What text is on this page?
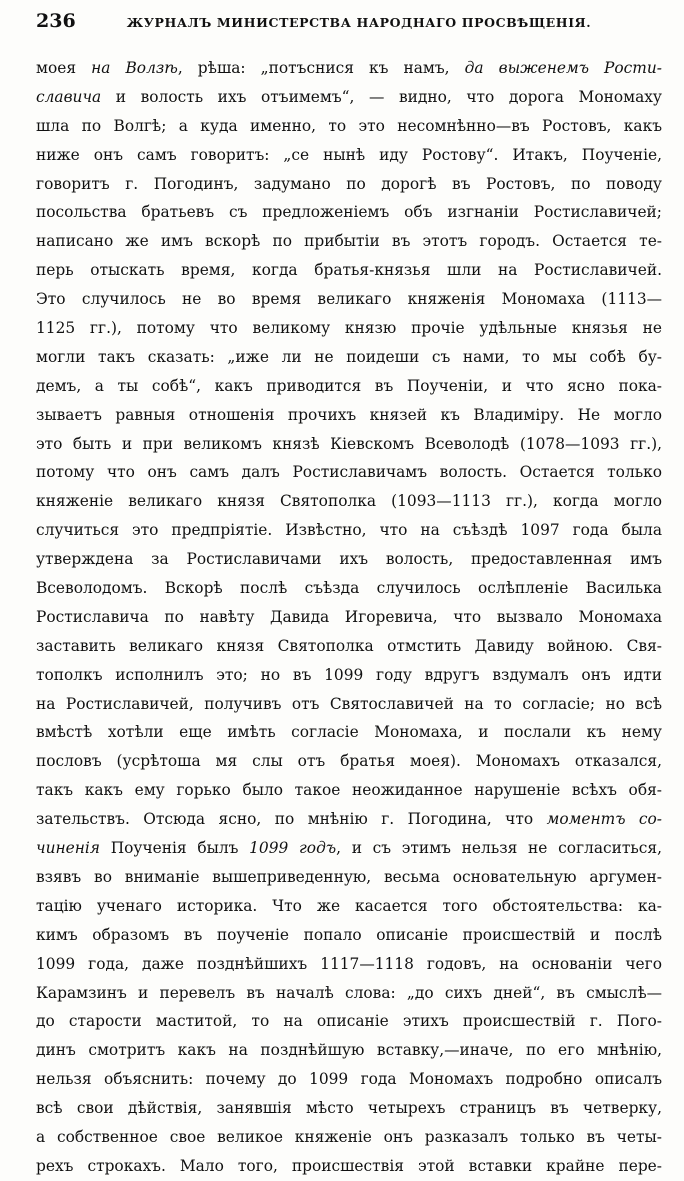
236	ЖУРНАЛЪ МИНИСТЕРСТВА НАРОДНАГО ПРОСВѢЩЕНІЯ.
моея на Волзѣ, рѣша: „потъснися къ намъ, да выженемъ Рости-
славича и волость ихъ отъимемъ“, — видно, что дорога Мономаху
шла по Волгѣ; а куда именно, то это несомнѣнно—въ Ростовъ, какъ
ниже онъ самъ говоритъ: „се нынѣ иду Ростову“. Итакъ, Поученіе,
говоритъ г. Погодинъ, задумано по дорогѣ въ Ростовъ, по поводу
посольства братьевъ съ предложеніемъ объ изгнаніи Ростиславичей;
написано же имъ вскорѣ по прибытіи въ этотъ городъ. Остается те-
перь отыскать время, когда братья-князья шли на Ростиславичей.
Это случилось не во время великаго княженія Мономаха (1113—
1125 гг.), потому что великому князю прочіе удѣльные князья не
могли такъ сказать: „иже ли не поидеши съ нами, то мы собѣ бу-
демъ, а ты собѣ“, какъ приводится въ Поученіи, и что ясно пока-
зываетъ равныя отношенія прочихъ князей къ Владиміру. Не могло
это быть и при великомъ князѣ Кіевскомъ Всеволодѣ (1078—1093 гг.),
потому что онъ самъ далъ Ростиславичамъ волость. Остается только
княженіе великаго князя Святополка (1093—1113 гг.), когда могло
случиться это предпріятіе. Извѣстно, что на съѣздѣ 1097 года была
утверждена за Ростиславичами ихъ волость, предоставленная имъ
Всеволодомъ. Вскорѣ послѣ съѣзда случилось ослѣпленіе Василька
Ростиславича по навѣту Давида Игоревича, что вызвало Мономаха
заставить великаго князя Святополка отмстить Давиду войною. Свя-
тополкъ исполнилъ это; но въ 1099 году вдругъ вздумалъ онъ идти
на Ростиславичей, получивъ отъ Святославичей на то согласіе; но всѣ
вмѣстѣ хотѣли еще имѣть согласіе Мономаха, и послали къ нему
пословъ (усрѣтоша мя слы отъ братья моея). Мономахъ отказался,
такъ какъ ему горько было такое неожиданное нарушеніе всѣхъ обя-
зательствъ. Отсюда ясно, по мнѣнію г. Погодина, что моментъ со-
чиненія Поученія былъ 1099 годъ, и съ этимъ нельзя не согласиться,
взявъ во вниманіе вышеприведенную, весьма основательную аргумен-
тацію ученаго историка. Что же касается того обстоятельства: ка-
кимъ образомъ въ поученіе попало описаніе происшествій и послѣ
1099 года, даже позднѣйшихъ 1117—1118 годовъ, на основаніи чего
Карамзинъ и перевелъ въ началѣ слова: „до сихъ дней“, въ смыслѣ—
до старости маститой, то на описаніе этихъ происшествій г. Пого-
динъ смотритъ какъ на позднѣйшую вставку,—иначе, по его мнѣнію,
нельзя объяснить: почему до 1099 года Мономахъ подробно описалъ
всѣ свои дѣйствія, занявшія мѣсто четырехъ страницъ въ четверку,
а собственное свое великое княженіе онъ разказалъ только въ четы-
рехъ строкахъ. Мало того, происшествія этой вставки крайне пере-
